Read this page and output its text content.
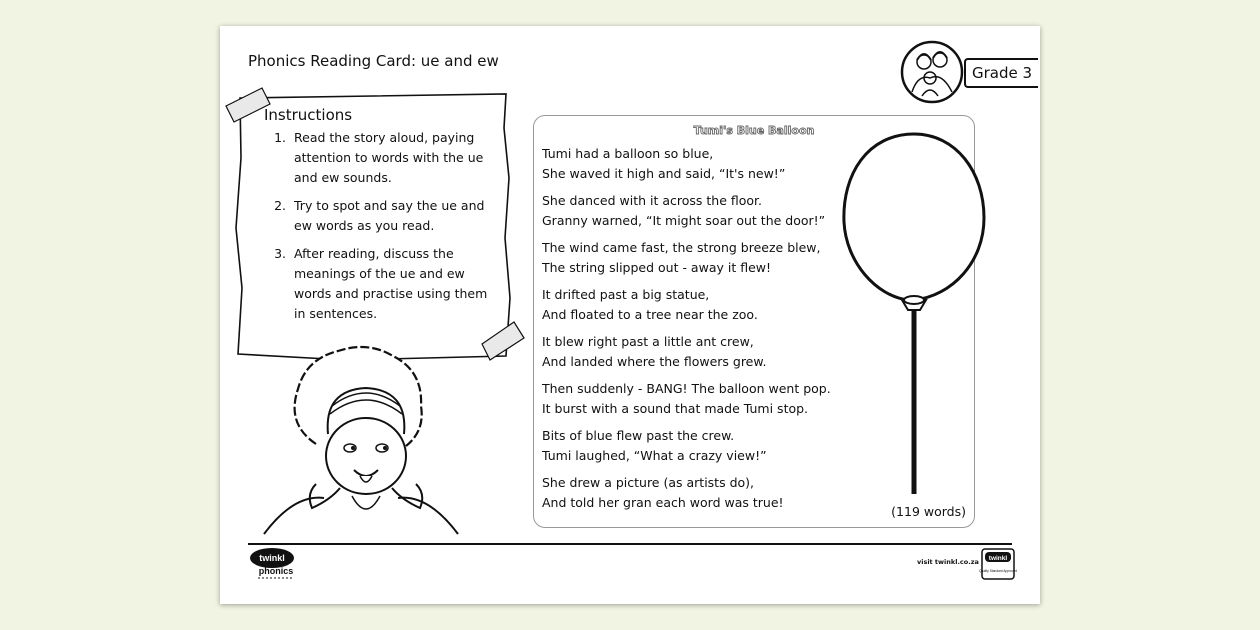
Phonics Reading Card: ue and ew
Grade 3
Instructions
1. Read the story aloud, paying attention to words with the ue and ew sounds.
2. Try to spot and say the ue and ew words as you read.
3. After reading, discuss the meanings of the ue and ew words and practise using them in sentences.
Tumi's Blue Balloon
Tumi had a balloon so blue,
She waved it high and said, “It's new!”
She danced with it across the floor.
Granny warned, “It might soar out the door!”
The wind came fast, the strong breeze blew,
The string slipped out - away it flew!
It drifted past a big statue,
And floated to a tree near the zoo.
It blew right past a little ant crew,
And landed where the flowers grew.
Then suddenly - BANG! The balloon went pop.
It burst with a sound that made Tumi stop.
Bits of blue flew past the crew.
Tumi laughed, “What a crazy view!”
She drew a picture (as artists do),
And told her gran each word was true!
(119 words)
twinkl
phonics
visit twinkl.co.za twinkl
Quality Standard Approved
